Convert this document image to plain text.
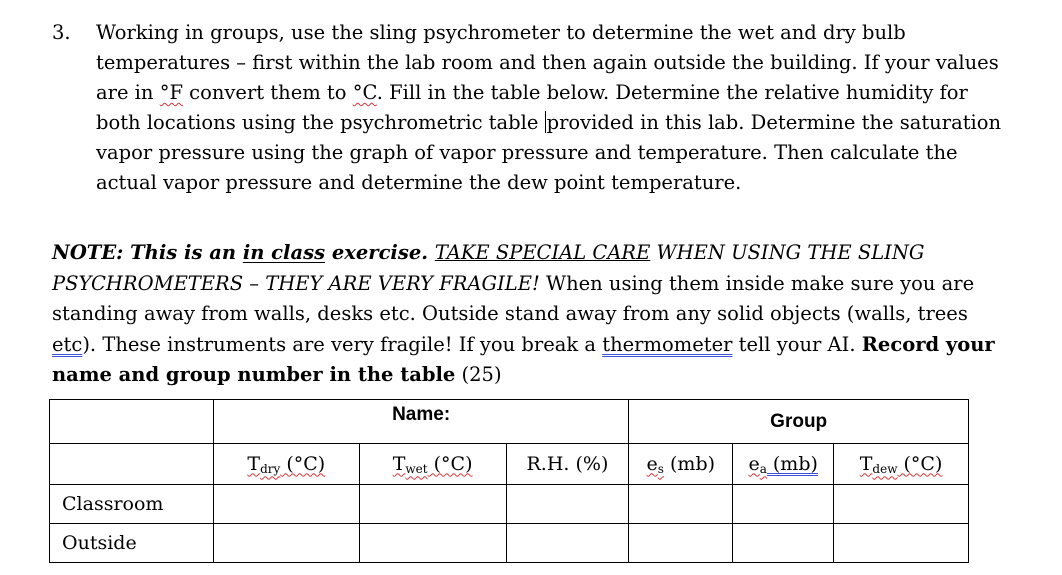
3. Working in groups, use the sling psychrometer to determine the wet and dry bulb temperatures – first within the lab room and then again outside the building. If your values are in °F convert them to °C. Fill in the table below. Determine the relative humidity for both locations using the psychrometric table provided in this lab. Determine the saturation vapor pressure using the graph of vapor pressure and temperature. Then calculate the actual vapor pressure and determine the dew point temperature.
NOTE: This is an in class exercise. TAKE SPECIAL CARE WHEN USING THE SLING PSYCHROMETERS – THEY ARE VERY FRAGILE! When using them inside make sure you are standing away from walls, desks etc. Outside stand away from any solid objects (walls, trees etc). These instruments are very fragile! If you break a thermometer tell your AI. Record your name and group number in the table (25)
	Name:			Group		
	$T_{dry}$ (°C)	$T_{wet}$ (°C)	R.H. (%)	$e_s$ (mb)	$e_a$ (mb)	$T_{dew}$ (°C)
Classroom						
Outside						
